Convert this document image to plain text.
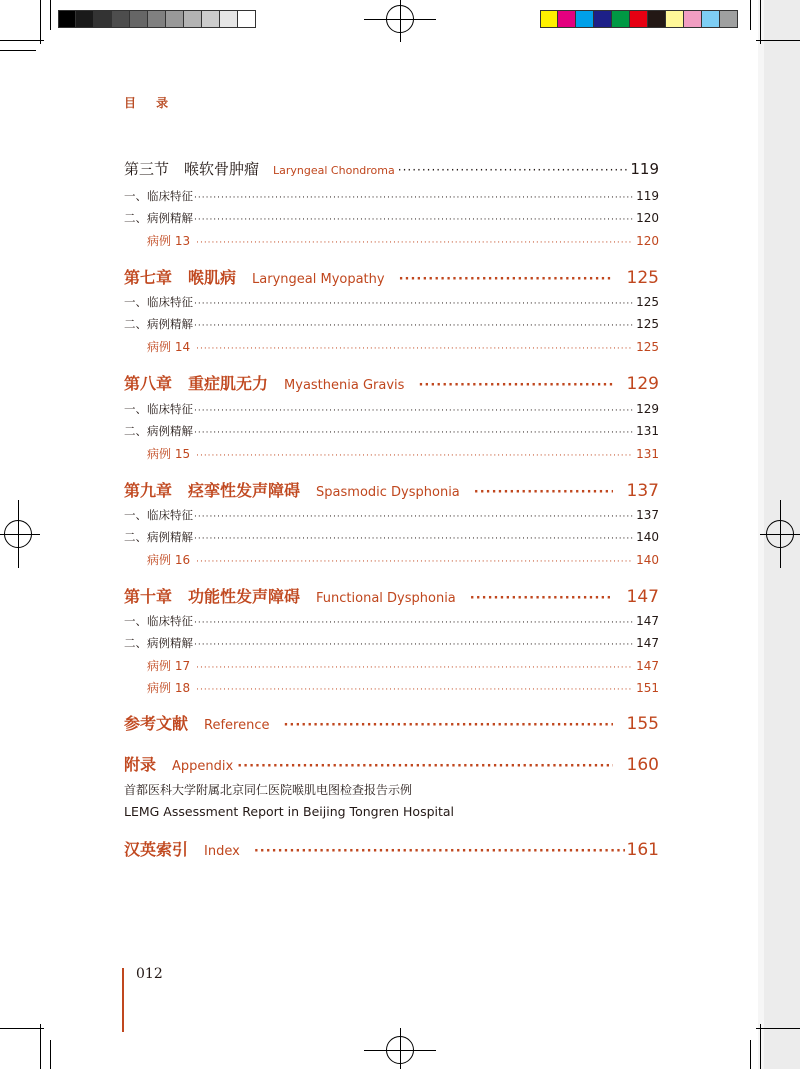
目 录
第三节　喉软骨肿瘤 Laryngeal Chondroma ·····	119
一、临床特征 ·····	119
二、病例精解 ·····	120
病例 13 ·····	120
第七章 喉肌病 Laryngeal Myopathy ·····	125
一、临床特征 ·····	125
二、病例精解 ·····	125
病例 14 ·····	125
第八章 重症肌无力 Myasthenia Gravis ·····	129
一、临床特征 ·····	129
二、病例精解 ·····	131
病例 15 ·····	131
第九章 痉挛性发声障碍 Spasmodic Dysphonia ·····	137
一、临床特征 ·····	137
二、病例精解 ·····	140
病例 16 ·····	140
第十章 功能性发声障碍 Functional Dysphonia ·····	147
一、临床特征 ·····	147
二、病例精解 ·····	147
病例 17 ·····	147
病例 18 ·····	151
参考文献 Reference ·····	155
附录 Appendix ·····	160
首都医科大学附属北京同仁医院喉肌电图检查报告示例
LEMG Assessment Report in Beijing Tongren Hospital
汉英索引 Index ·····	161
012
